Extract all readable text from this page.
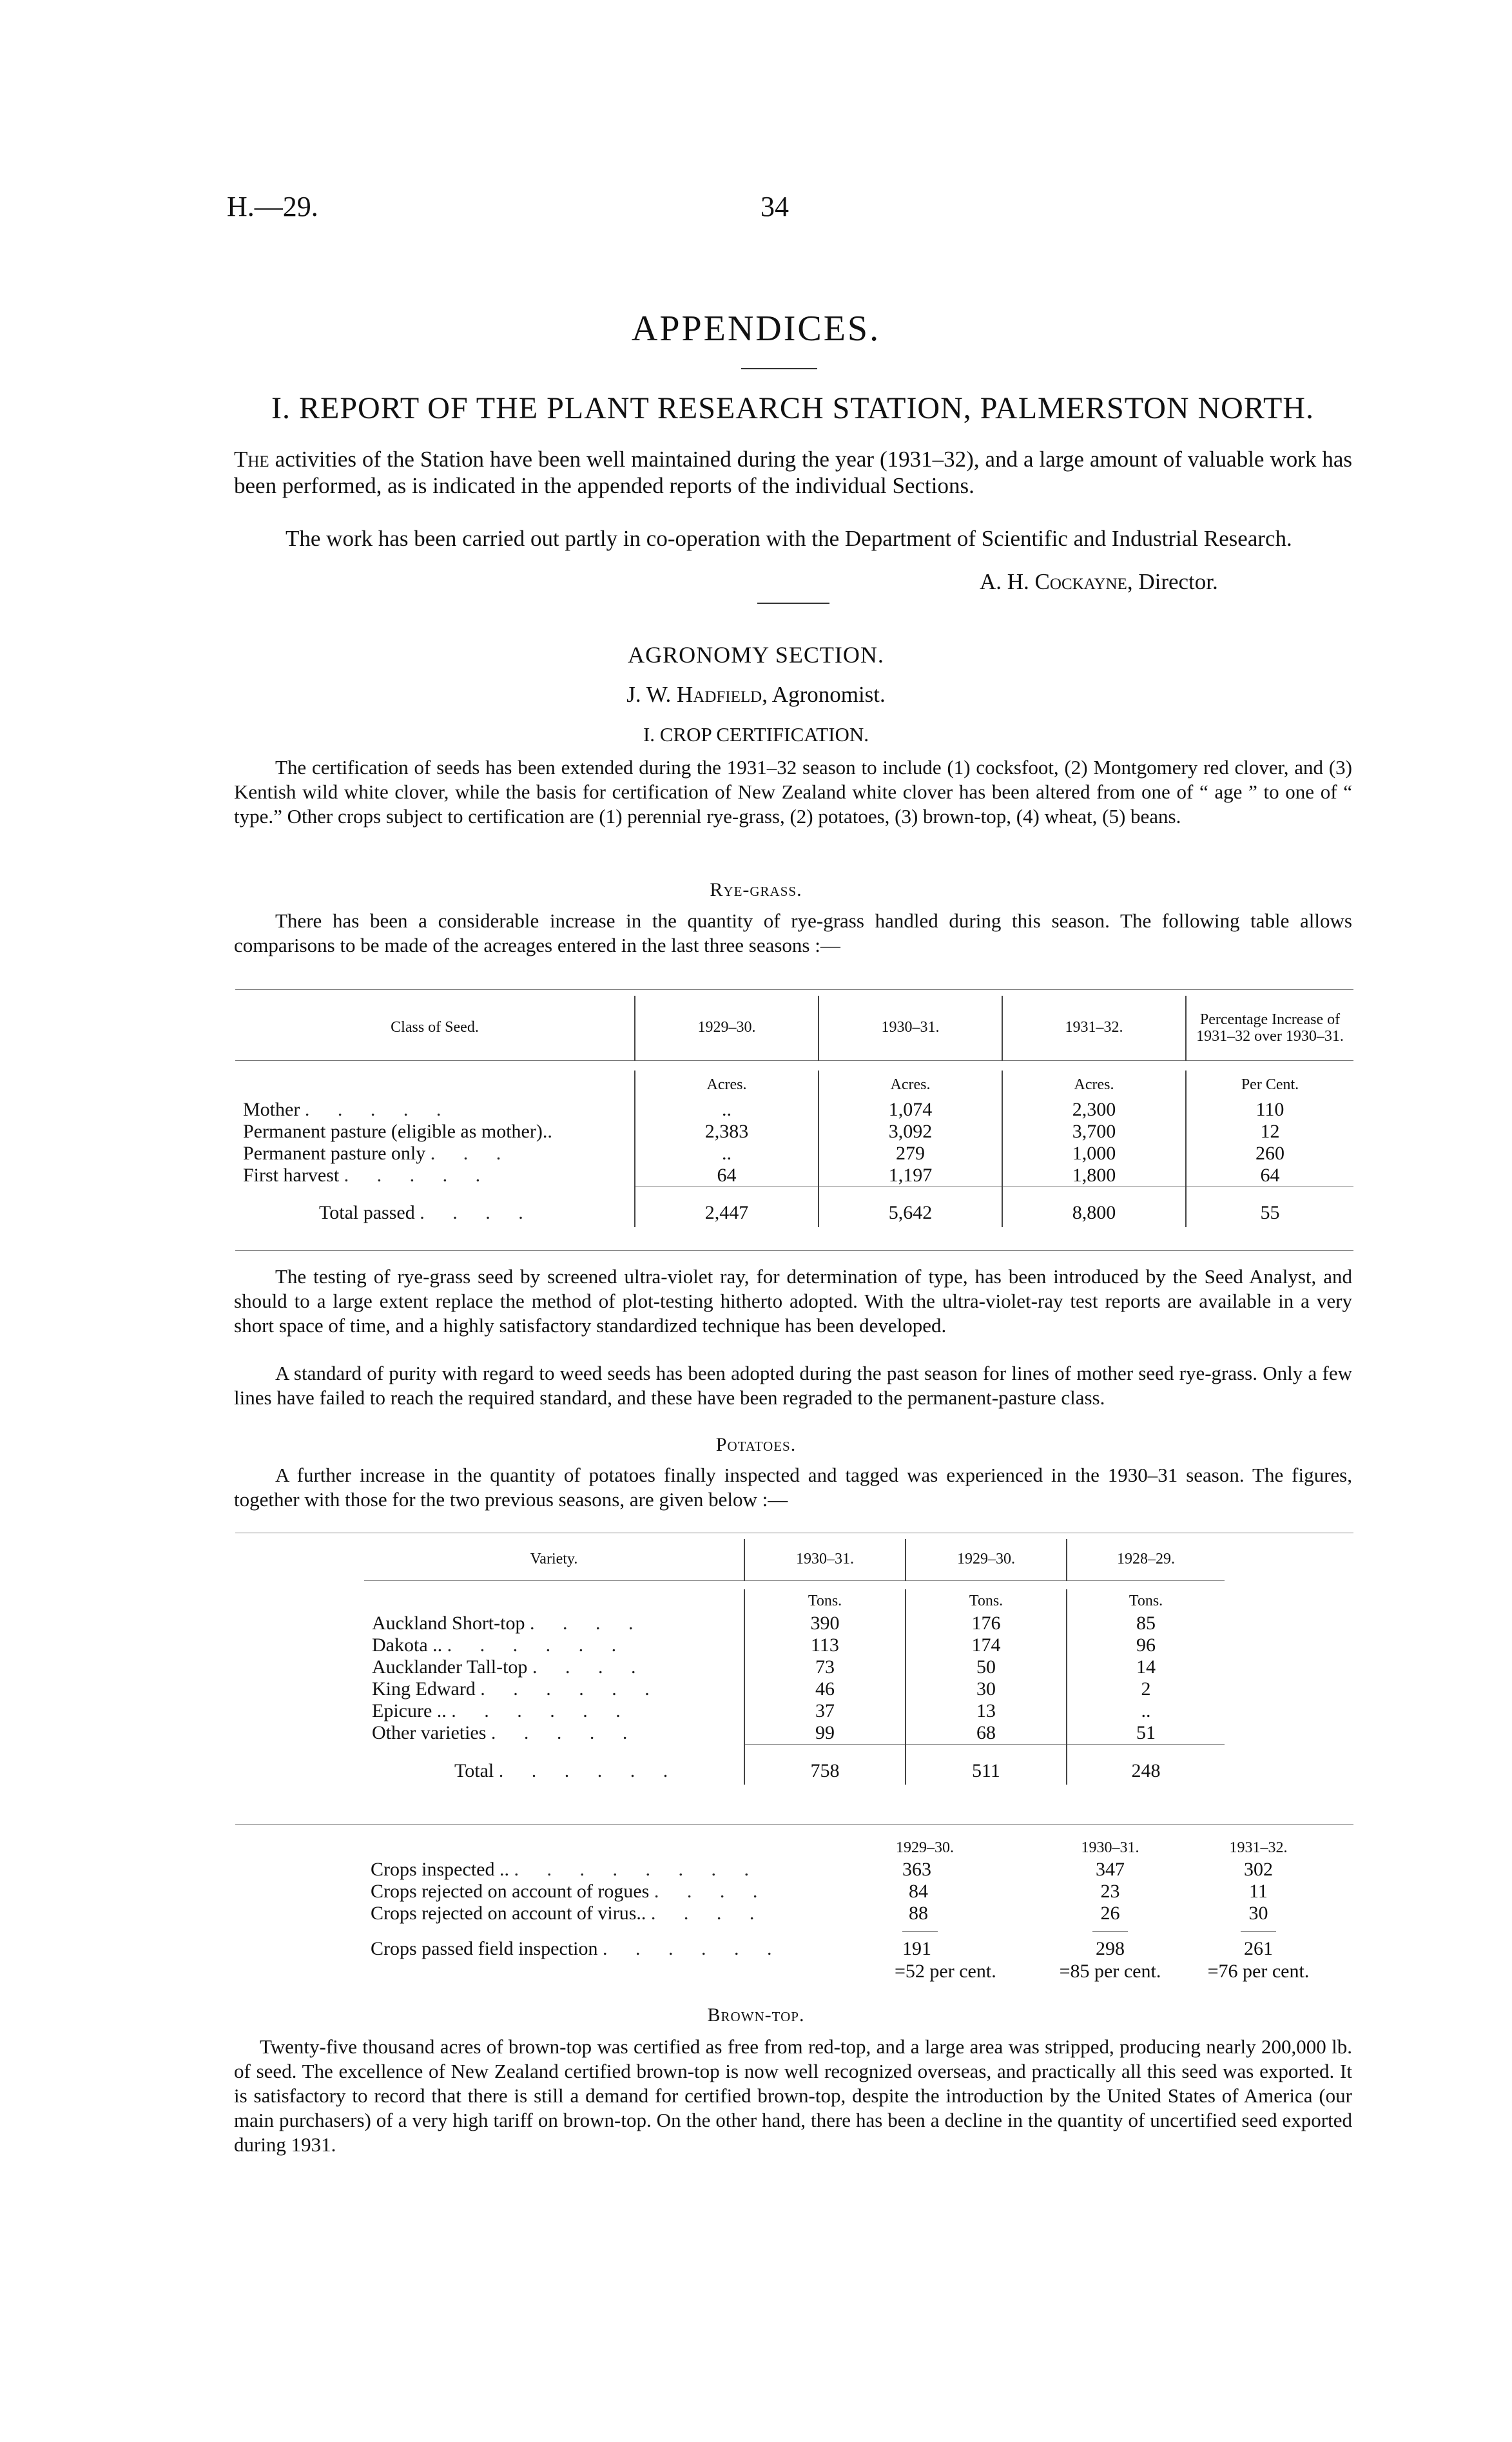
H.—29.	34
APPENDICES.
I. REPORT OF THE PLANT RESEARCH STATION, PALMERSTON NORTH.
The activities of the Station have been well maintained during the year (1931–32), and a large amount of valuable work has been performed, as is indicated in the appended reports of the individual Sections.
The work has been carried out partly in co-operation with the Department of Scientific and Industrial Research.
A. H. Cockayne, Director.
AGRONOMY SECTION.
J. W. Hadfield, Agronomist.
I. CROP CERTIFICATION.
The certification of seeds has been extended during the 1931–32 season to include (1) cocksfoot, (2) Montgomery red clover, and (3) Kentish wild white clover, while the basis for certification of New Zealand white clover has been altered from one of “ age ” to one of “ type.” Other crops subject to certification are (1) perennial rye-grass, (2) potatoes, (3) brown-top, (4) wheat, (5) beans.
Rye-grass.
There has been a considerable increase in the quantity of rye-grass handled during this season. The following table allows comparisons to be made of the acreages entered in the last three seasons :—
Class of Seed.	1929–30.	1930–31.	1931–32.	Percentage Increase of 1931–32 over 1930–31.

	Acres.	Acres.	Acres.	Per Cent.
Mother . . . . .	..	1,074	2,300	110
Permanent pasture (eligible as mother)..	2,383	3,092	3,700	12
Permanent pasture only . . .	..	279	1,000	260
First harvest . . . . .	64	1,197	1,800	64

Total passed . . . .	2,447	5,642	8,800	55
The testing of rye-grass seed by screened ultra-violet ray, for determination of type, has been introduced by the Seed Analyst, and should to a large extent replace the method of plot-testing hitherto adopted. With the ultra-violet-ray test reports are available in a very short space of time, and a highly satisfactory standardized technique has been developed.
A standard of purity with regard to weed seeds has been adopted during the past season for lines of mother seed rye-grass. Only a few lines have failed to reach the required standard, and these have been regraded to the permanent-pasture class.
Potatoes.
A further increase in the quantity of potatoes finally inspected and tagged was experienced in the 1930–31 season. The figures, together with those for the two previous seasons, are given below :—
Variety.	1930–31.	1929–30.	1928–29.

	Tons.	Tons.	Tons.
Auckland Short-top . . . .	390	176	85
Dakota .. . . . . . .	113	174	96
Aucklander Tall-top . . . .	73	50	14
King Edward . . . . . .	46	30	2
Epicure .. . . . . . .	37	13	..
Other varieties . . . . .	99	68	51

Total . . . . . .	758	511	248
	1929–30.	1930–31.	1931–32.
Crops inspected .. . . . . . . . .	363	347	302
Crops rejected on account of rogues . . . .	84	23	11
Crops rejected on account of virus.. . . . .	88	26	30

Crops passed field inspection . . . . . .	191	298	261
	=52 per cent.	=85 per cent.	=76 per cent.
Brown-top.
Twenty-five thousand acres of brown-top was certified as free from red-top, and a large area was stripped, producing nearly 200,000 lb. of seed. The excellence of New Zealand certified brown-top is now well recognized overseas, and practically all this seed was exported. It is satisfactory to record that there is still a demand for certified brown-top, despite the introduction by the United States of America (our main purchasers) of a very high tariff on brown-top. On the other hand, there has been a decline in the quantity of uncertified seed exported during 1931.
